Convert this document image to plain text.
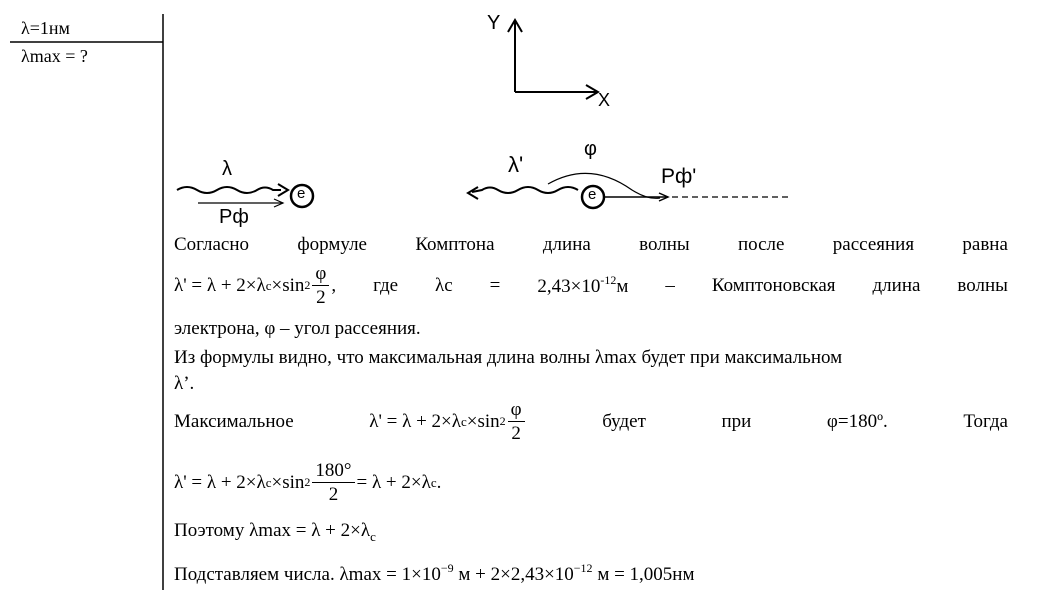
λ=1нм
λmax = ?
Y
X
λ
Pф
e
λ'
φ
e
Pф'
Согласно	формуле	Комптона	длина	волны	после	рассеяния	равна
λ' = λ + 2×λ c ×sin $2 \frac{\varphi}{2}$ , где $\lambda c = 2,43\times 10^{-12}м$ – Комптоновская длина волны
электрона, φ – угол рассеяния.
Из формулы видно, что максимальная длина волны λmax будет при максимальном
λ’.
Максимальное	λ' = λ + 2×λ c ×sin $2 \frac{\varphi}{2}$	будет	при	φ=180º.	Тогда
λ' = λ + 2×λ c ×sin $2 \frac{180^\circ}{2} = \lambda + 2\times\lambda$ c .
Поэтому $\lambda\max = \lambda + 2\times\lambda_c$
Подставляем числа. $\lambda\max = 1\times 10^{-9}$ $м + 2\times 2,43\times 10^{-12}$ м = 1,005нм
